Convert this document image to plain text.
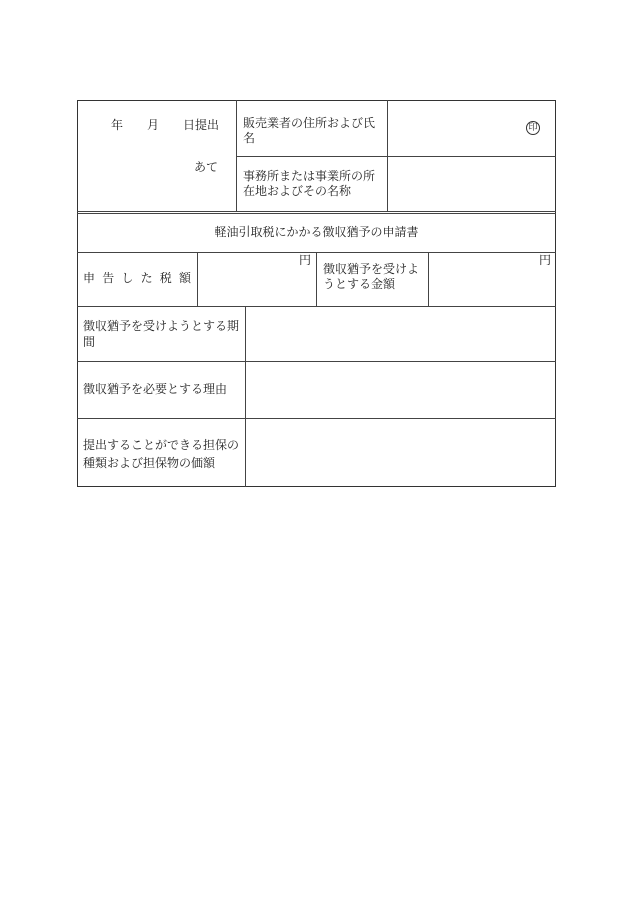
年　　月　　日提出
あて
販売業者の住所および氏名
事務所または事業所の所在地およびその名称
印
軽油引取税にかかる徴収猶予の申請書
申告した税額
円
徴収猶予を受けようとする金額
円
徴収猶予を受けようとする期間
徴収猶予を必要とする理由
提出することができる担保の種類および担保物の価額
